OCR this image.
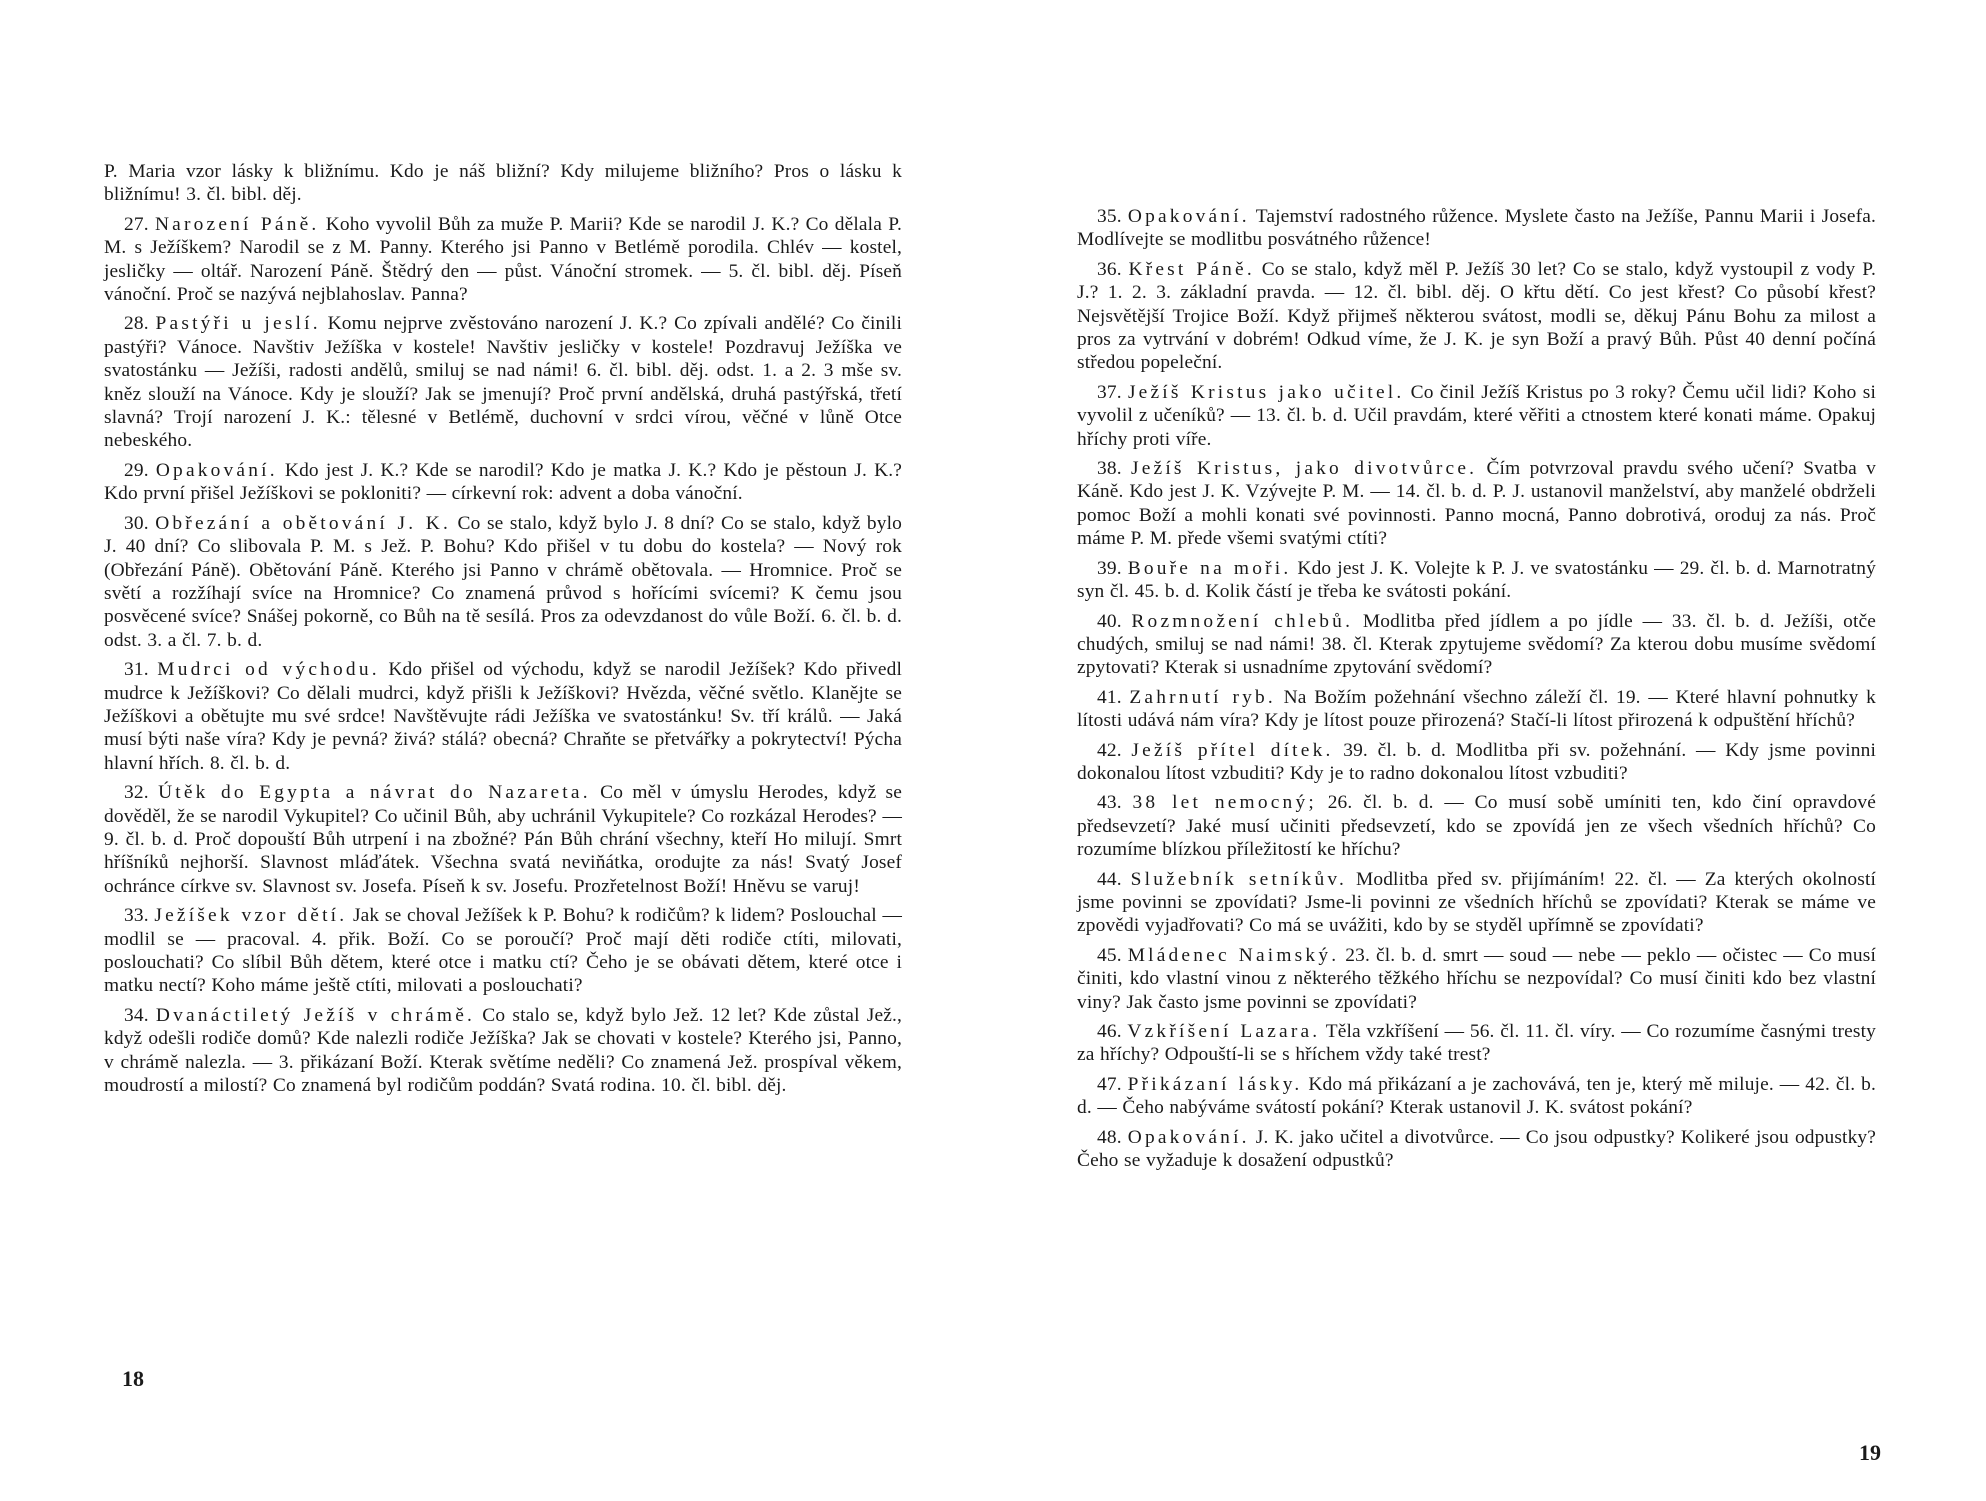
P. Maria vzor lásky k bližnímu. Kdo je náš bližní? Kdy milujeme bližního? Pros o lásku k bližnímu! 3. čl. bibl. děj.

27. Narození Páně. Koho vyvolil Bůh za muže P. Marii? Kde se narodil J. K.? Co dělala P. M. s Ježíškem? Narodil se z M. Panny. Kterého jsi Panno v Betlémě porodila. Chlév — kostel, jesličky — oltář. Narození Páně. Štědrý den — půst. Vánoční stromek. — 5. čl. bibl. děj. Píseň vánoční. Proč se nazývá nejblahoslav. Panna?

28. Pastýři u jeslí. Komu nejprve zvěstováno narození J. K.? Co zpívali andělé? Co činili pastýři? Vánoce. Navštiv Ježíška v kostele! Navštiv jesličky v kostele! Pozdravuj Ježíška ve svatostánku — Ježíši, radosti andělů, smiluj se nad námi! 6. čl. bibl. děj. odst. 1. a 2. 3 mše sv. kněz slouží na Vánoce. Kdy je slouží? Jak se jmenují? Proč první andělská, druhá pastýřská, třetí slavná? Trojí narození J. K.: tělesné v Betlémě, duchovní v srdci vírou, věčné v lůně Otce nebeského.

29. Opakování. Kdo jest J. K.? Kde se narodil? Kdo je matka J. K.? Kdo je pěstoun J. K.? Kdo první přišel Ježíškovi se pokloniti? — církevní rok: advent a doba vánoční.

30. Obřezání a obětování J. K. Co se stalo, když bylo J. 8 dní? Co se stalo, když bylo J. 40 dní? Co slibovala P. M. s Jež. P. Bohu? Kdo přišel v tu dobu do kostela? — Nový rok (Obřezání Páně). Obětování Páně. Kterého jsi Panno v chrámě obětovala. — Hromnice. Proč se světí a rozžíhají svíce na Hromnice? Co znamená průvod s hořícími svícemi? K čemu jsou posvěcené svíce? Snášej pokorně, co Bůh na tě sesílá. Pros za odevzdanost do vůle Boží. 6. čl. b. d. odst. 3. a čl. 7. b. d.

31. Mudrci od východu. Kdo přišel od východu, když se narodil Ježíšek? Kdo přivedl mudrce k Ježíškovi? Co dělali mudrci, když přišli k Ježíškovi? Hvězda, věčné světlo. Klanějte se Ježíškovi a obětujte mu své srdce! Navštěvujte rádi Ježíška ve svatostánku! Sv. tří králů. — Jaká musí býti naše víra? Kdy je pevná? živá? stálá? obecná? Chraňte se přetvářky a pokrytectví! Pýcha hlavní hřích. 8. čl. b. d.

32. Útěk do Egypta a návrat do Nazareta. Co měl v úmyslu Herodes, když se dověděl, že se narodil Vykupitel? Co učinil Bůh, aby uchránil Vykupitele? Co rozkázal Herodes? — 9. čl. b. d. Proč dopouští Bůh utrpení i na zbožné? Pán Bůh chrání všechny, kteří Ho milují. Smrt hříšníků nejhorší. Slavnost mláďátek. Všechna svatá neviňátka, orodujte za nás! Svatý Josef ochránce církve sv. Slavnost sv. Josefa. Píseň k sv. Josefu. Prozřetelnost Boží! Hněvu se varuj!

33. Ježíšek vzor dětí. Jak se choval Ježíšek k P. Bohu? k rodičům? k lidem? Poslouchal — modlil se — pracoval. 4. přik. Boží. Co se poroučí? Proč mají děti rodiče ctíti, milovati, poslouchati? Co slíbil Bůh dětem, které otce i matku ctí? Čeho je se obávati dětem, které otce i matku nectí? Koho máme ještě ctíti, milovati a poslouchati?

34. Dvanáctiletý Ježíš v chrámě. Co stalo se, když bylo Jež. 12 let? Kde zůstal Jež., když odešli rodiče domů? Kde nalezli rodiče Ježíška? Jak se chovati v kostele? Kterého jsi, Panno, v chrámě nalezla. — 3. přikázaní Boží. Kterak světíme neděli? Co znamená Jež. prospíval věkem, moudrostí a milostí? Co znamená byl rodičům poddán? Svatá rodina. 10. čl. bibl. děj.

18

35. Opakování. Tajemství radostného růžence. Myslete často na Ježíše, Pannu Marii i Josefa. Modlívejte se modlitbu posvátného růžence!

36. Křest Páně. Co se stalo, když měl P. Ježíš 30 let? Co se stalo, když vystoupil z vody P. J.? 1. 2. 3. základní pravda. — 12. čl. bibl. děj. O křtu dětí. Co jest křest? Co působí křest? Nejsvětější Trojice Boží. Když přijmeš některou svátost, modli se, děkuj Pánu Bohu za milost a pros za vytrvání v dobrém! Odkud víme, že J. K. je syn Boží a pravý Bůh. Půst 40 denní počíná středou popeleční.

37. Ježíš Kristus jako učitel. Co činil Ježíš Kristus po 3 roky? Čemu učil lidi? Koho si vyvolil z učeníků? — 13. čl. b. d. Učil pravdám, které věřiti a ctnostem které konati máme. Opakuj hříchy proti víře.

38. Ježíš Kristus, jako divotvůrce. Čím potvrzoval pravdu svého učení? Svatba v Káně. Kdo jest J. K. Vzývejte P. M. — 14. čl. b. d. P. J. ustanovil manželství, aby manželé obdrželi pomoc Boží a mohli konati své povinnosti. Panno mocná, Panno dobrotivá, oroduj za nás. Proč máme P. M. přede všemi svatými ctíti?

39. Bouře na moři. Kdo jest J. K. Volejte k P. J. ve svatostánku — 29. čl. b. d. Marnotratný syn čl. 45. b. d. Kolik částí je třeba ke svátosti pokání.

40. Rozmnožení chlebů. Modlitba před jídlem a po jídle — 33. čl. b. d. Ježíši, otče chudých, smiluj se nad námi! 38. čl. Kterak zpytujeme svědomí? Za kterou dobu musíme svědomí zpytovati? Kterak si usnadníme zpytování svědomí?

41. Zahrnutí ryb. Na Božím požehnání všechno záleží čl. 19. — Které hlavní pohnutky k lítosti udává nám víra? Kdy je lítost pouze přirozená? Stačí-li lítost přirozená k odpuštění hříchů?

42. Ježíš přítel dítek. 39. čl. b. d. Modlitba při sv. požehnání. — Kdy jsme povinni dokonalou lítost vzbuditi? Kdy je to radno dokonalou lítost vzbuditi?

43. 38 let nemocný; 26. čl. b. d. — Co musí sobě umíniti ten, kdo činí opravdové předsevzetí? Jaké musí učiniti předsevzetí, kdo se zpovídá jen ze všech všedních hříchů? Co rozumíme blízkou příležitostí ke hříchu?

44. Služebník setníkův. Modlitba před sv. přijímáním! 22. čl. — Za kterých okolností jsme povinni se zpovídati? Jsme-li povinni ze všedních hříchů se zpovídati? Kterak se máme ve zpovědi vyjadřovati? Co má se uvážiti, kdo by se styděl upřímně se zpovídati?

45. Mládenec Naimský. 23. čl. b. d. smrt — soud — nebe — peklo — očistec — Co musí činiti, kdo vlastní vinou z některého těžkého hříchu se nezpovídal? Co musí činiti kdo bez vlastní viny? Jak často jsme povinni se zpovídati?

46. Vzkříšení Lazara. Těla vzkříšení — 56. čl. 11. čl. víry. — Co rozumíme časnými tresty za hříchy? Odpouští-li se s hříchem vždy také trest?

47. Přikázaní lásky. Kdo má přikázaní a je zachovává, ten je, který mě miluje. — 42. čl. b. d. — Čeho nabýváme svátostí pokání? Kterak ustanovil J. K. svátost pokání?

48. Opakování. J. K. jako učitel a divotvůrce. — Co jsou odpustky? Kolikeré jsou odpustky? Čeho se vyžaduje k dosažení odpustků?

19
